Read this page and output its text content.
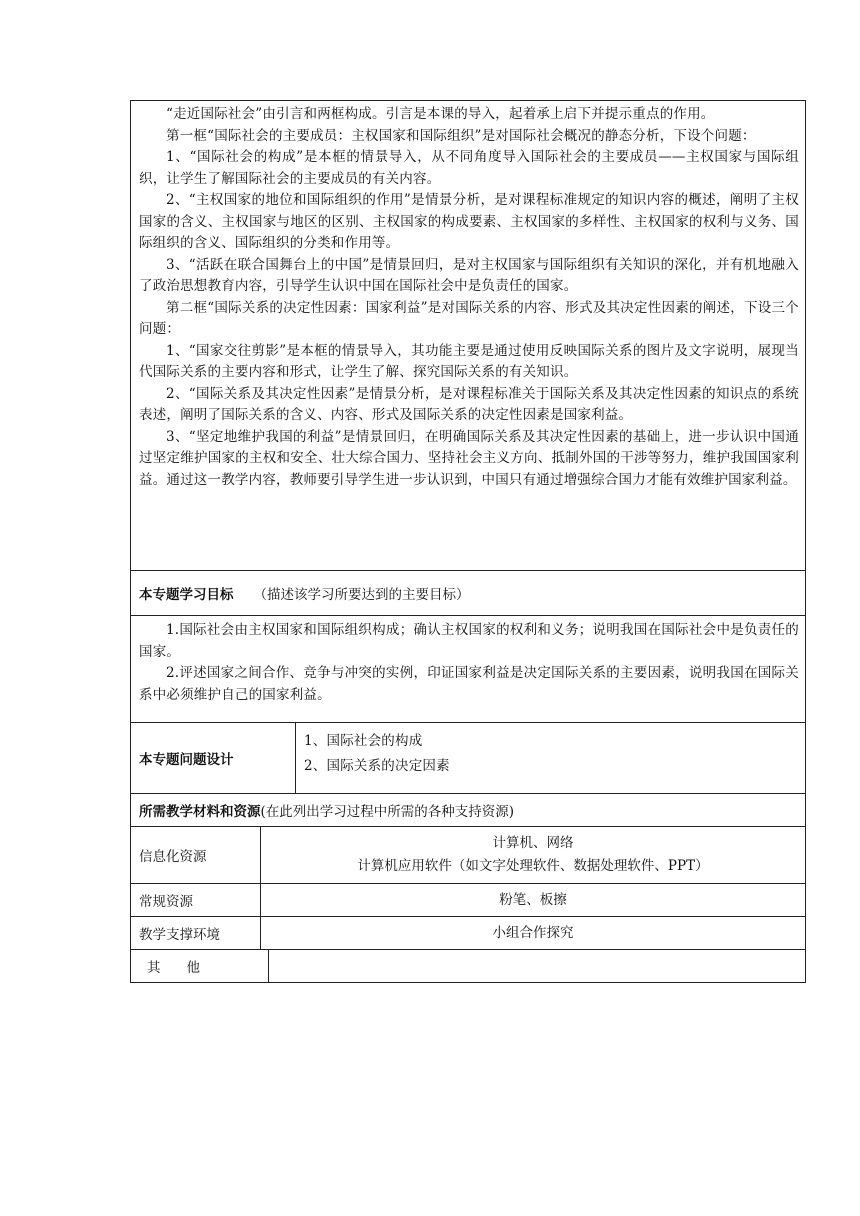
“走近国际社会”由引言和两框构成。引言是本课的导入，起着承上启下并提示重点的作用。

第一框“国际社会的主要成员：主权国家和国际组织”是对国际社会概况的静态分析，下设个问题：

1、“国际社会的构成”是本框的情景导入，从不同角度导入国际社会的主要成员——主权国家与国际组织，让学生了解国际社会的主要成员的有关内容。

2、“主权国家的地位和国际组织的作用”是情景分析，是对课程标准规定的知识内容的概述，阐明了主权国家的含义、主权国家与地区的区别、主权国家的构成要素、主权国家的多样性、主权国家的权利与义务、国际组织的含义、国际组织的分类和作用等。

3、“活跃在联合国舞台上的中国”是情景回归，是对主权国家与国际组织有关知识的深化，并有机地融入了政治思想教育内容，引导学生认识中国在国际社会中是负责任的国家。

第二框“国际关系的决定性因素：国家利益”是对国际关系的内容、形式及其决定性因素的阐述，下设三个问题：

1、“国家交往剪影”是本框的情景导入，其功能主要是通过使用反映国际关系的图片及文字说明，展现当代国际关系的主要内容和形式，让学生了解、探究国际关系的有关知识。

2、“国际关系及其决定性因素”是情景分析，是对课程标准关于国际关系及其决定性因素的知识点的系统表述，阐明了国际关系的含义、内容、形式及国际关系的决定性因素是国家利益。

3、“坚定地维护我国的利益”是情景回归，在明确国际关系及其决定性因素的基础上，进一步认识中国通过坚定维护国家的主权和安全、壮大综合国力、坚持社会主义方向、抵制外国的干涉等努力，维护我国国家利益。通过这一教学内容，教师要引导学生进一步认识到，中国只有通过增强综合国力才能有效维护国家利益。

本专题学习目标 （描述该学习所要达到的主要目标）

1.国际社会由主权国家和国际组织构成；确认主权国家的权利和义务；说明我国在国际社会中是负责任的国家。

2.评述国家之间合作、竞争与冲突的实例，印证国家利益是决定国际关系的主要因素，说明我国在国际关系中必须维护自己的国家利益。

本专题问题设计

1、国际社会的构成

2、国际关系的决定因素

所需教学材料和资源 (在此列出学习过程中所需的各种支持资源)
信息化资源
计算机、网络
计算机应用软件（如文字处理软件、数据处理软件、PPT）
常规资源	粉笔、板擦
教学支撑环境	小组合作探究
其 他
